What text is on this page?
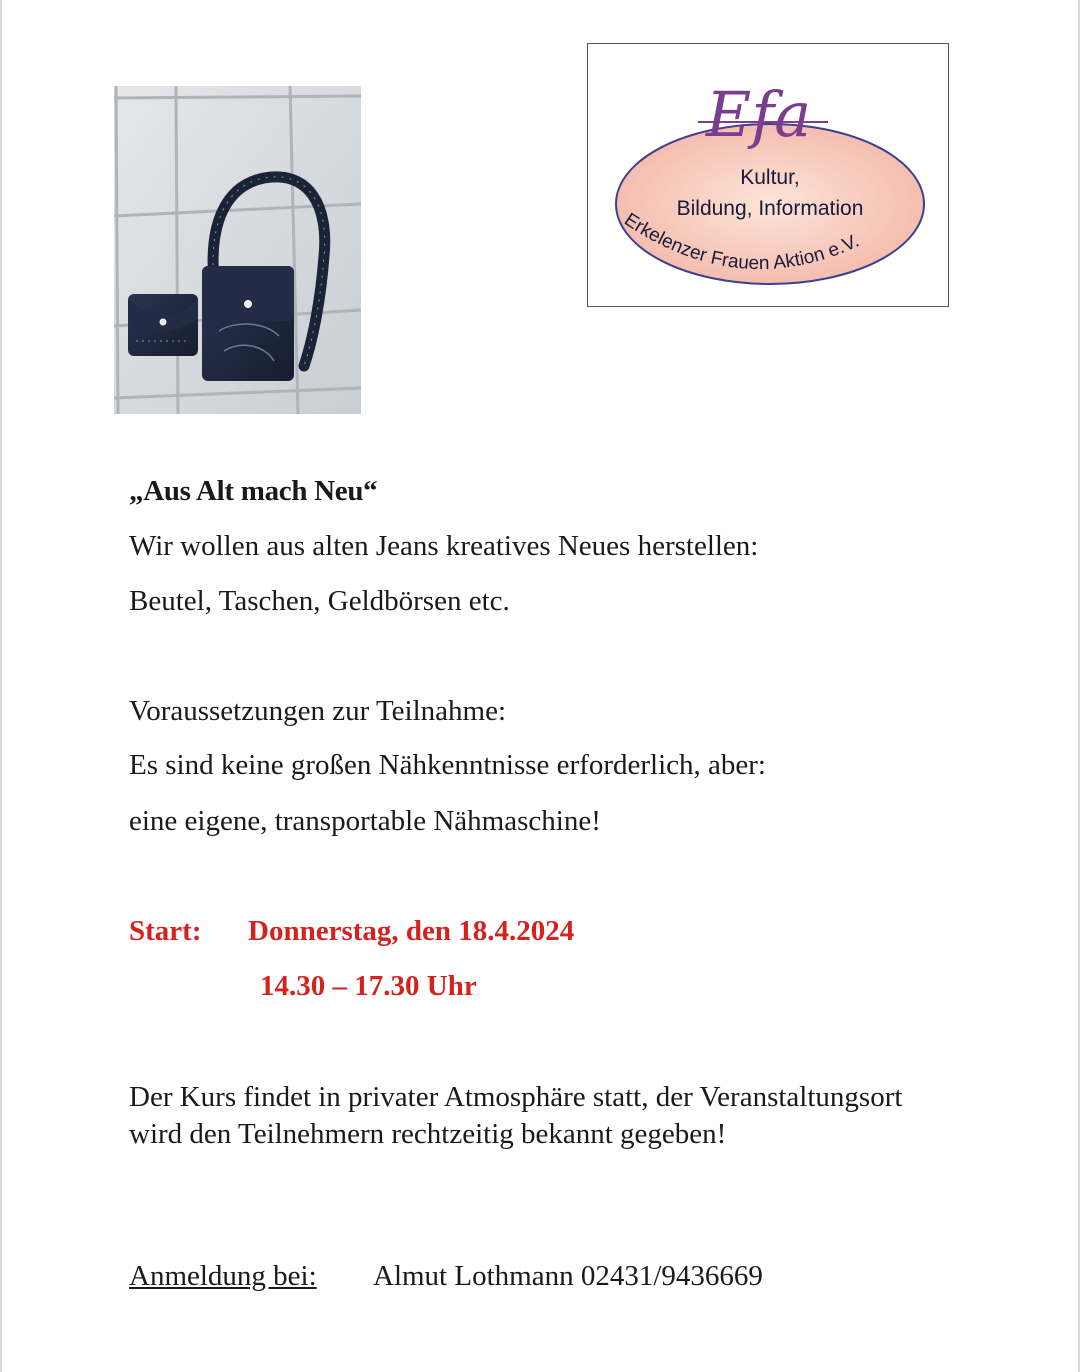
Efa
Kultur,
Bildung, Information
Erkelenzer Frauen Aktion e.V.
„Aus Alt mach Neu“
Wir wollen aus alten Jeans kreatives Neues herstellen:
Beutel, Taschen, Geldbörsen etc.
Voraussetzungen zur Teilnahme:
Es sind keine großen Nähkenntnisse erforderlich, aber:
eine eigene, transportable Nähmaschine!
Start: Donnerstag, den 18.4.2024
14.30 – 17.30 Uhr
Der Kurs findet in privater Atmosphäre statt, der Veranstaltungsort wird den Teilnehmern rechtzeitig bekannt gegeben!
Anmeldung bei: Almut Lothmann 02431/9436669
